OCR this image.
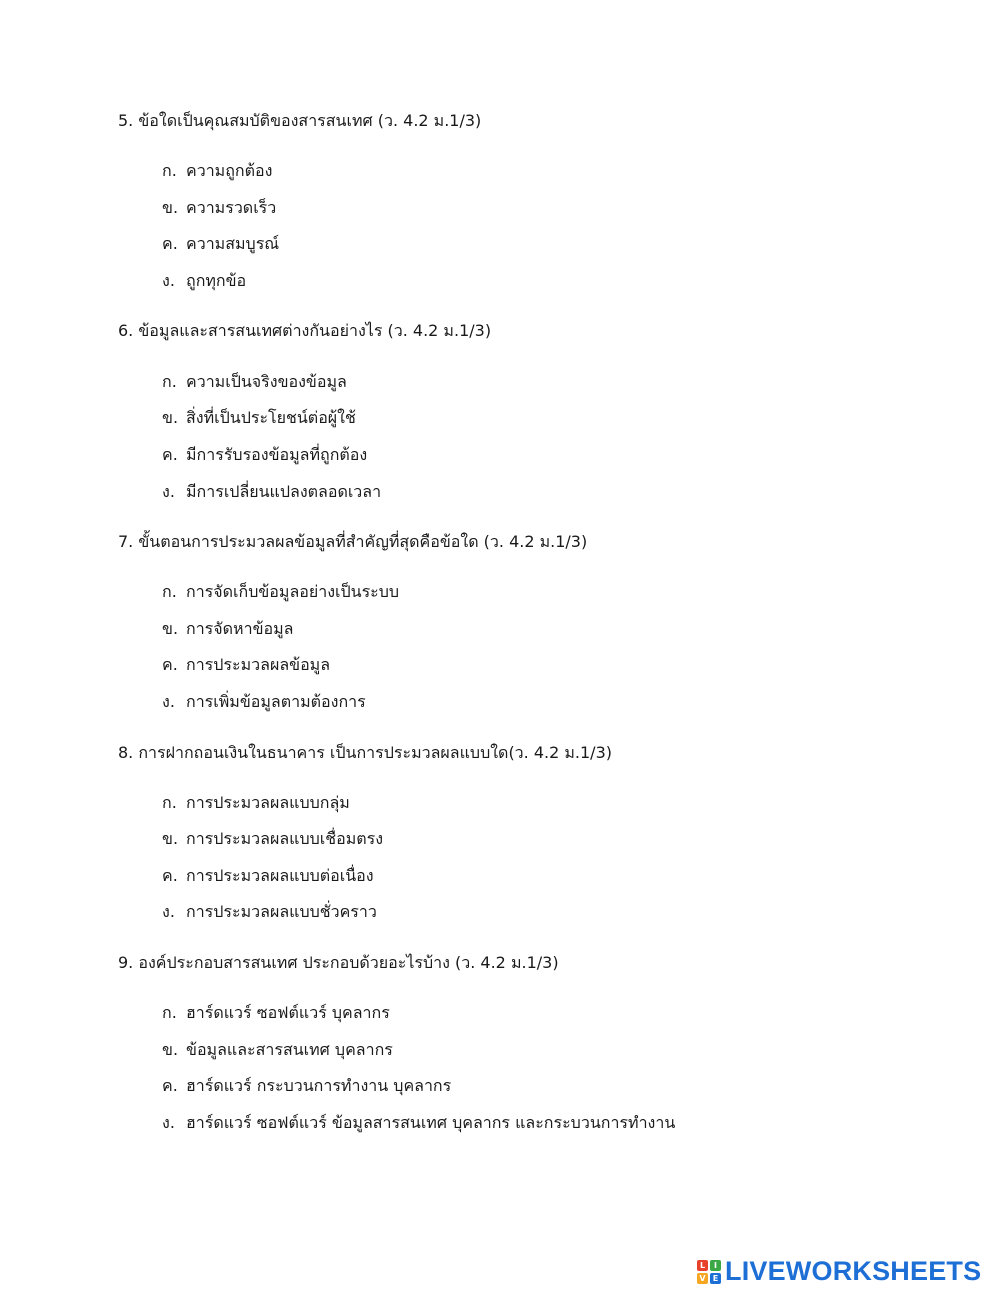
5. ข้อใดเป็นคุณสมบัติของสารสนเทศ (ว. 4.2 ม.1/3)
ก. ความถูกต้อง
ข. ความรวดเร็ว
ค. ความสมบูรณ์
ง. ถูกทุกข้อ
6. ข้อมูลและสารสนเทศต่างกันอย่างไร (ว. 4.2 ม.1/3)
ก. ความเป็นจริงของข้อมูล
ข. สิ่งที่เป็นประโยชน์ต่อผู้ใช้
ค. มีการรับรองข้อมูลที่ถูกต้อง
ง. มีการเปลี่ยนแปลงตลอดเวลา
7. ขั้นตอนการประมวลผลข้อมูลที่สำคัญที่สุดคือข้อใด (ว. 4.2 ม.1/3)
ก. การจัดเก็บข้อมูลอย่างเป็นระบบ
ข. การจัดหาข้อมูล
ค. การประมวลผลข้อมูล
ง. การเพิ่มข้อมูลตามต้องการ
8. การฝากถอนเงินในธนาคาร เป็นการประมวลผลแบบใด(ว. 4.2 ม.1/3)
ก. การประมวลผลแบบกลุ่ม
ข. การประมวลผลแบบเชื่อมตรง
ค. การประมวลผลแบบต่อเนื่อง
ง. การประมวลผลแบบชั่วคราว
9. องค์ประกอบสารสนเทศ ประกอบด้วยอะไรบ้าง (ว. 4.2 ม.1/3)
ก. ฮาร์ดแวร์ ซอฟต์แวร์ บุคลากร
ข. ข้อมูลและสารสนเทศ บุคลากร
ค. ฮาร์ดแวร์ กระบวนการทำงาน บุคลากร
ง. ฮาร์ดแวร์ ซอฟต์แวร์ ข้อมูลสารสนเทศ บุคลากร และกระบวนการทำงาน
L	I
V E LIVEWORKSHEETS
